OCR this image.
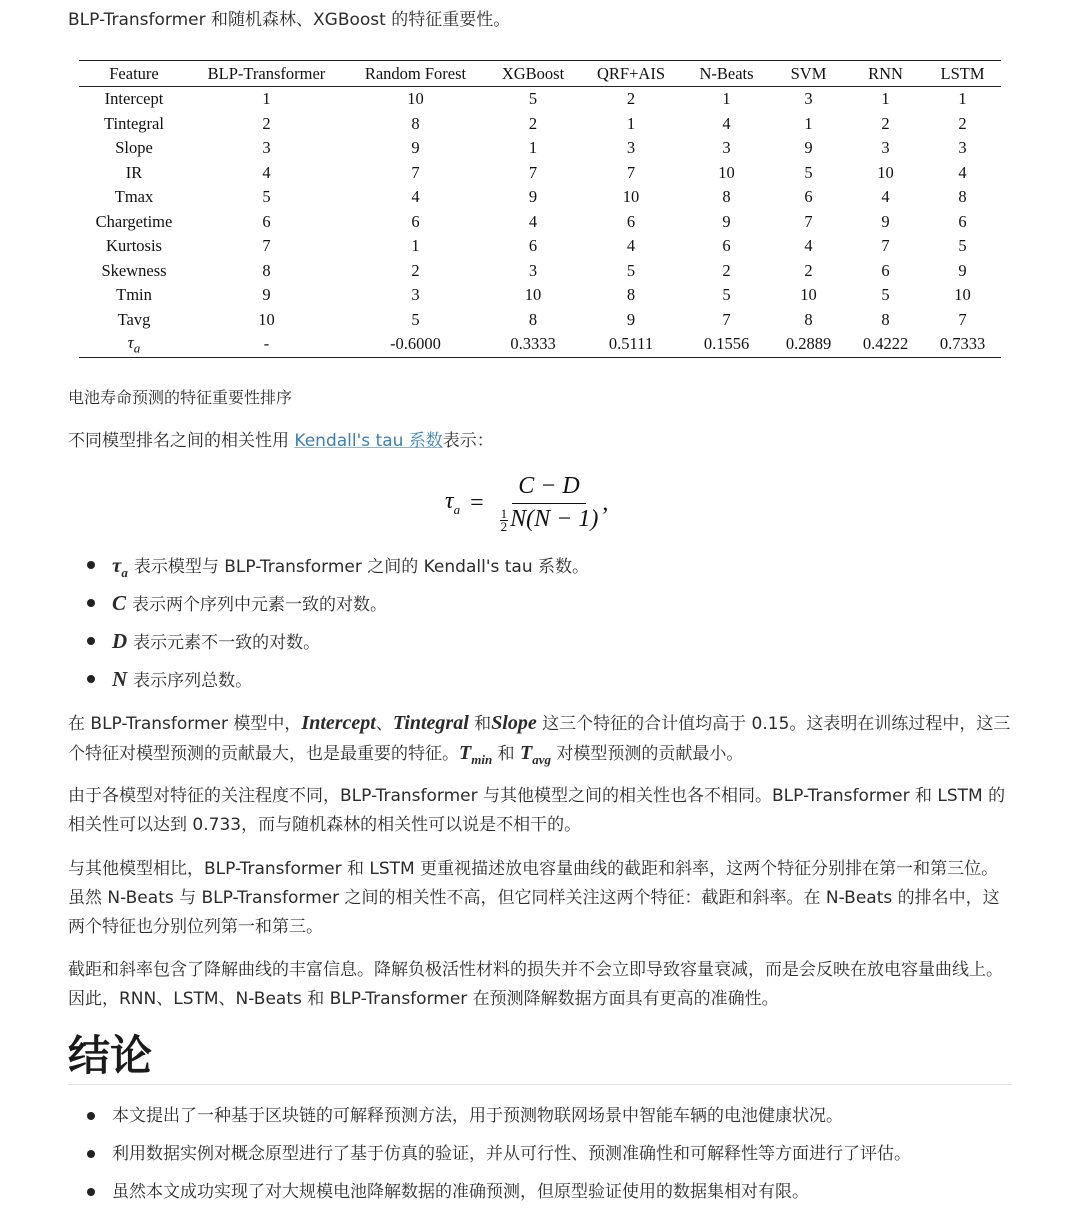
BLP-Transformer 和随机森林、XGBoost 的特征重要性。

Feature	BLP-Transformer	Random Forest	XGBoost	QRF+AIS	N-Beats	SVM	RNN	LSTM
Intercept	1	10	5	2	1	3	1	1
Tintegral	2	8	2	1	4	1	2	2
Slope	3	9	1	3	3	9	3	3
IR	4	7	7	7	10	5	10	4
Tmax	5	4	9	10	8	6	4	8
Chargetime	6	6	4	6	9	7	9	6
Kurtosis	7	1	6	4	6	4	7	5
Skewness	8	2	3	5	2	2	6	9
Tmin	9	3	10	8	5	10	5	10
Tavg	10	5	8	9	7	8	8	7
$\tau_a$	-	-0.6000	0.3333	0.5111	0.1556	0.2889	0.4222	0.7333

电池寿命预测的特征重要性排序

不同模型排名之间的相关性用 Kendall's tau 系数表示：

$\tau_a = \frac{C - D}{\frac{1}{2} N(N - 1)}$ ,
$\tau_a$ 表示模型与 BLP-Transformer 之间的 Kendall's tau 系数。
C 表示两个序列中元素一致的对数。
D 表示元素不一致的对数。
N 表示序列总数。

在 BLP-Transformer 模型中，Intercept、Tintegral 和Slope 这三个特征的合计值均高于 0.15。这表明在训练过程中，这三个特征对模型预测的贡献最大，也是最重要的特征。$T_{min}$ 和 $T_{avg}$ 对模型预测的贡献最小。

由于各模型对特征的关注程度不同，BLP-Transformer 与其他模型之间的相关性也各不相同。BLP-Transformer 和 LSTM 的相关性可以达到 0.733，而与随机森林的相关性可以说是不相干的。

与其他模型相比，BLP-Transformer 和 LSTM 更重视描述放电容量曲线的截距和斜率，这两个特征分别排在第一和第三位。虽然 N-Beats 与 BLP-Transformer 之间的相关性不高，但它同样关注这两个特征：截距和斜率。在 N-Beats 的排名中，这两个特征也分别位列第一和第三。

截距和斜率包含了降解曲线的丰富信息。降解负极活性材料的损失并不会立即导致容量衰减，而是会反映在放电容量曲线上。因此，RNN、LSTM、N-Beats 和 BLP-Transformer 在预测降解数据方面具有更高的准确性。

结论
本文提出了一种基于区块链的可解释预测方法，用于预测物联网场景中智能车辆的电池健康状况。
利用数据实例对概念原型进行了基于仿真的验证，并从可行性、预测准确性和可解释性等方面进行了评估。
虽然本文成功实现了对大规模电池降解数据的准确预测，但原型验证使用的数据集相对有限。
